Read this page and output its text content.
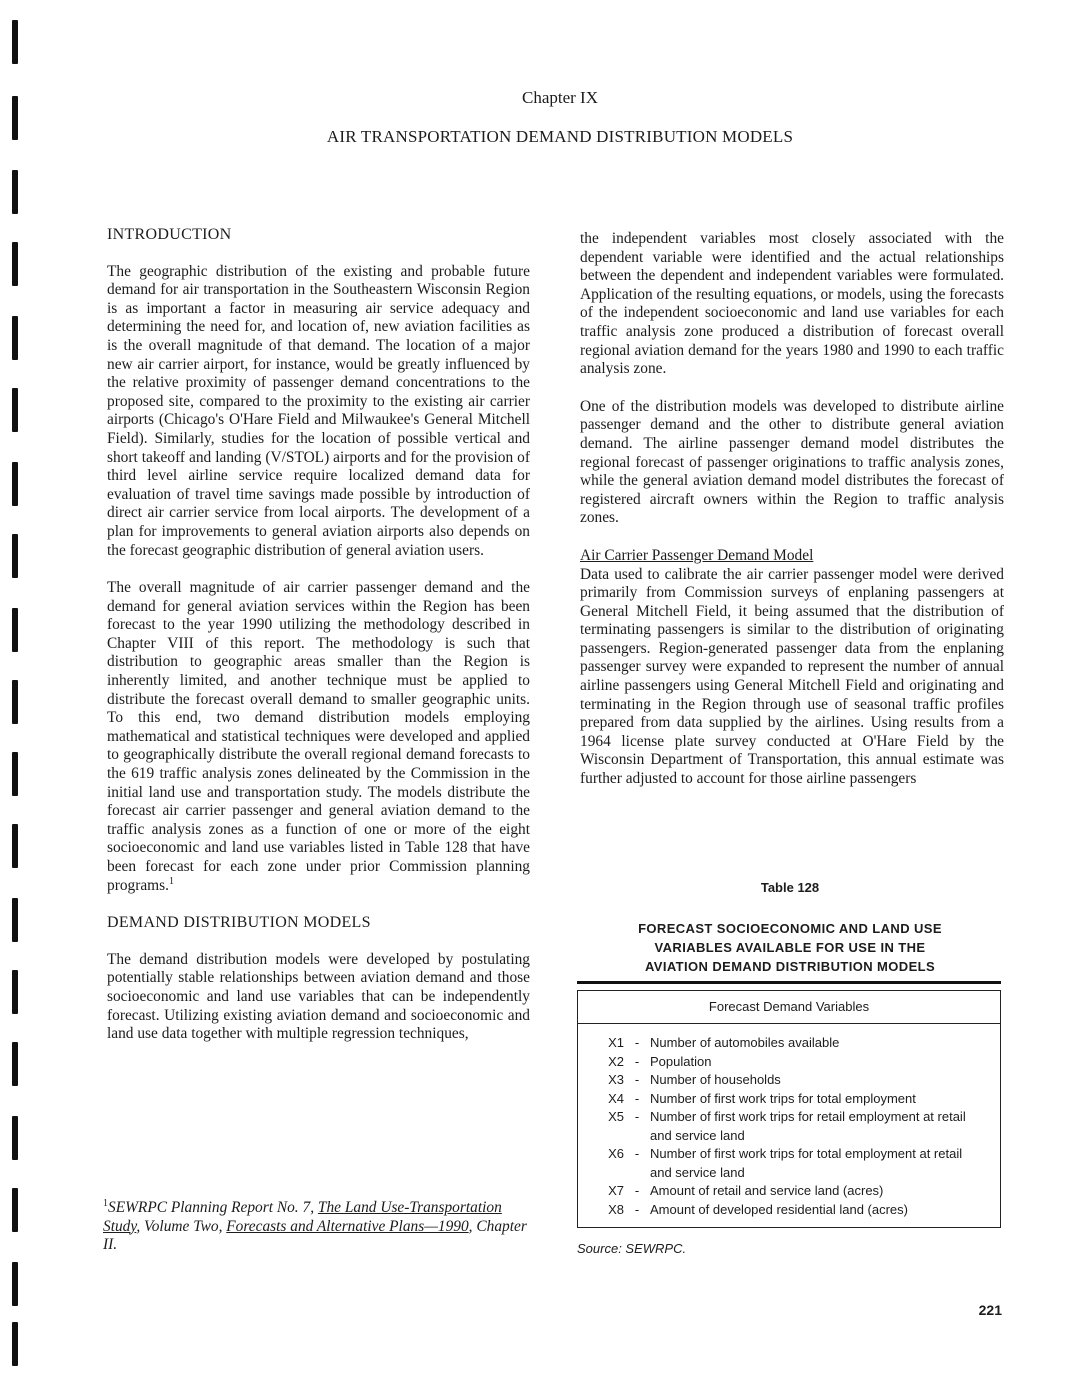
Chapter IX
AIR TRANSPORTATION DEMAND DISTRIBUTION MODELS
INTRODUCTION

The geographic distribution of the existing and probable future demand for air transportation in the Southeastern Wisconsin Region is as important a factor in measuring air service adequacy and determining the need for, and location of, new aviation facilities as is the overall magnitude of that demand. The location of a major new air carrier airport, for instance, would be greatly influenced by the relative proximity of passenger demand concentrations to the proposed site, compared to the proximity to the existing air carrier airports (Chicago's O'Hare Field and Milwaukee's General Mitchell Field). Similarly, studies for the location of possible vertical and short takeoff and landing (V/STOL) airports and for the provision of third level airline service require localized demand data for evaluation of travel time savings made possible by introduction of direct air carrier service from local airports. The development of a plan for improvements to general aviation airports also depends on the forecast geographic distribution of general aviation users.

The overall magnitude of air carrier passenger demand and the demand for general aviation services within the Region has been forecast to the year 1990 utilizing the methodology described in Chapter VIII of this report. The methodology is such that distribution to geographic areas smaller than the Region is inherently limited, and another technique must be applied to distribute the forecast overall demand to smaller geographic units. To this end, two demand distribution models employing mathematical and statistical techniques were developed and applied to geographically distribute the overall regional demand forecasts to the 619 traffic analysis zones delineated by the Commission in the initial land use and transportation study. The models distribute the forecast air carrier passenger and general aviation demand to the traffic analysis zones as a function of one or more of the eight socioeconomic and land use variables listed in Table 128 that have been forecast for each zone under prior Commission planning programs.$^1$

DEMAND DISTRIBUTION MODELS

The demand distribution models were developed by postulating potentially stable relationships between aviation demand and those socioeconomic and land use variables that can be independently forecast. Utilizing existing aviation demand and socioeconomic and land use data together with multiple regression techniques,

the independent variables most closely associated with the dependent variable were identified and the actual relationships between the dependent and independent variables were formulated. Application of the resulting equations, or models, using the forecasts of the independent socioeconomic and land use variables for each traffic analysis zone produced a distribution of forecast overall regional aviation demand for the years 1980 and 1990 to each traffic analysis zone.

One of the distribution models was developed to distribute airline passenger demand and the other to distribute general aviation demand. The airline passenger demand model distributes the regional forecast of passenger originations to traffic analysis zones, while the general aviation demand model distributes the forecast of registered aircraft owners within the Region to traffic analysis zones.

Air Carrier Passenger Demand Model

Data used to calibrate the air carrier passenger model were derived primarily from Commission surveys of enplaning passengers at General Mitchell Field, it being assumed that the distribution of terminating passengers is similar to the distribution of originating passengers. Region-generated passenger data from the enplaning passenger survey were expanded to represent the number of annual airline passengers using General Mitchell Field and originating and terminating in the Region through use of seasonal traffic profiles prepared from data supplied by the airlines. Using results from a 1964 license plate survey conducted at O'Hare Field by the Wisconsin Department of Transportation, this annual estimate was further adjusted to account for those airline passengers

$^1$SEWRPC Planning Report No. 7, The Land Use-Transportation Study, Volume Two, Forecasts and Alternative Plans—1990, Chapter II.
Table 128
FORECAST SOCIOECONOMIC AND LAND USE
VARIABLES AVAILABLE FOR USE IN THE
AVIATION DEMAND DISTRIBUTION MODELS
Forecast Demand Variables
X1 - Number of automobiles available
X2 - Population
X3 - Number of households
X4 - Number of first work trips for total employment
X5 - Number of first work trips for retail employment at retail and service land
X6 - Number of first work trips for total employment at retail and service land
X7 - Amount of retail and service land (acres)
X8 - Amount of developed residential land (acres)
Source: SEWRPC.
221
